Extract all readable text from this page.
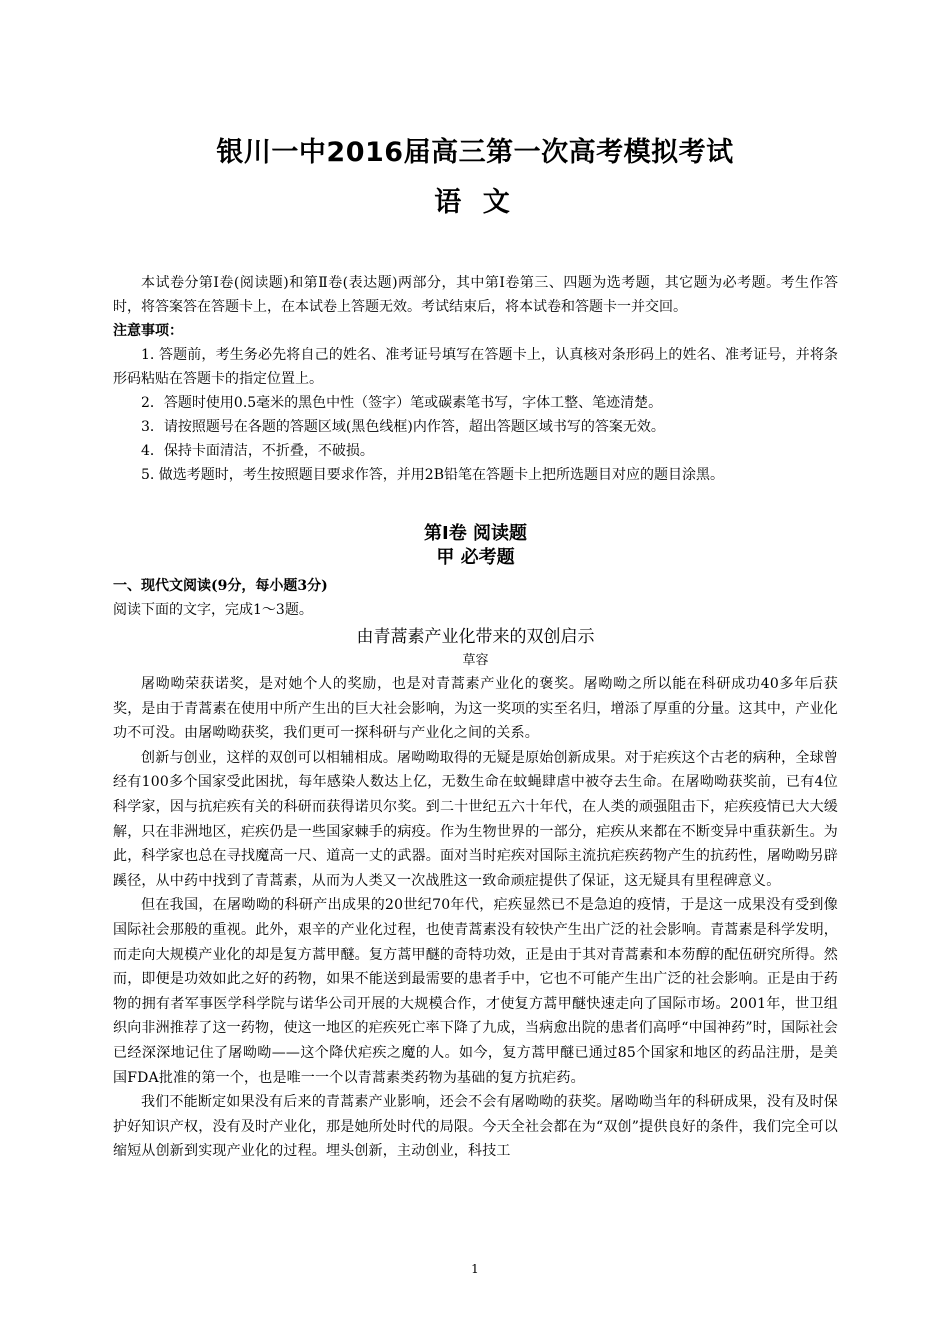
银川一中2016届高三第一次高考模拟考试
语 文

本试卷分第Ⅰ卷(阅读题)和第Ⅱ卷(表达题)两部分，其中第Ⅰ卷第三、四题为选考题，其它题为必考题。考生作答时，将答案答在答题卡上，在本试卷上答题无效。考试结束后，将本试卷和答题卡一并交回。

注意事项：

1. 答题前，考生务必先将自己的姓名、准考证号填写在答题卡上，认真核对条形码上的姓名、准考证号，并将条形码粘贴在答题卡的指定位置上。

2．答题时使用0.5毫米的黑色中性（签字）笔或碳素笔书写，字体工整、笔迹清楚。

3．请按照题号在各题的答题区域(黑色线框)内作答，超出答题区域书写的答案无效。

4．保持卡面清洁，不折叠，不破损。

5. 做选考题时，考生按照题目要求作答，并用2B铅笔在答题卡上把所选题目对应的题目涂黑。

第Ⅰ卷 阅读题

甲 必考题

一、现代文阅读(9分，每小题3分)

阅读下面的文字，完成1～3题。

由青蒿素产业化带来的双创启示

草容

屠呦呦荣获诺奖，是对她个人的奖励，也是对青蒿素产业化的褒奖。屠呦呦之所以能在科研成功40多年后获奖，是由于青蒿素在使用中所产生出的巨大社会影响，为这一奖项的实至名归，增添了厚重的分量。这其中，产业化功不可没。由屠呦呦获奖，我们更可一探科研与产业化之间的关系。

创新与创业，这样的双创可以相辅相成。屠呦呦取得的无疑是原始创新成果。对于疟疾这个古老的病种，全球曾经有100多个国家受此困扰，每年感染人数达上亿，无数生命在蚊蝇肆虐中被夺去生命。在屠呦呦获奖前，已有4位科学家，因与抗疟疾有关的科研而获得诺贝尔奖。到二十世纪五六十年代，在人类的顽强阻击下，疟疾疫情已大大缓解，只在非洲地区，疟疾仍是一些国家棘手的病疫。作为生物世界的一部分，疟疾从来都在不断变异中重获新生。为此，科学家也总在寻找魔高一尺、道高一丈的武器。面对当时疟疾对国际主流抗疟疾药物产生的抗药性，屠呦呦另辟蹊径，从中药中找到了青蒿素，从而为人类又一次战胜这一致命顽症提供了保证，这无疑具有里程碑意义。

但在我国，在屠呦呦的科研产出成果的20世纪70年代，疟疾显然已不是急迫的疫情，于是这一成果没有受到像国际社会那般的重视。此外，艰辛的产业化过程，也使青蒿素没有较快产生出广泛的社会影响。青蒿素是科学发明，而走向大规模产业化的却是复方蒿甲醚。复方蒿甲醚的奇特功效，正是由于其对青蒿素和本芴醇的配伍研究所得。然而，即便是功效如此之好的药物，如果不能送到最需要的患者手中，它也不可能产生出广泛的社会影响。正是由于药物的拥有者军事医学科学院与诺华公司开展的大规模合作，才使复方蒿甲醚快速走向了国际市场。2001年，世卫组织向非洲推荐了这一药物，使这一地区的疟疾死亡率下降了九成，当病愈出院的患者们高呼“中国神药”时，国际社会已经深深地记住了屠呦呦——这个降伏疟疾之魔的人。如今，复方蒿甲醚已通过85个国家和地区的药品注册，是美国FDA批准的第一个，也是唯一一个以青蒿素类药物为基础的复方抗疟药。

我们不能断定如果没有后来的青蒿素产业影响，还会不会有屠呦呦的获奖。屠呦呦当年的科研成果，没有及时保护好知识产权，没有及时产业化，那是她所处时代的局限。今天全社会都在为“双创”提供良好的条件，我们完全可以缩短从创新到实现产业化的过程。埋头创新，主动创业，科技工

1
